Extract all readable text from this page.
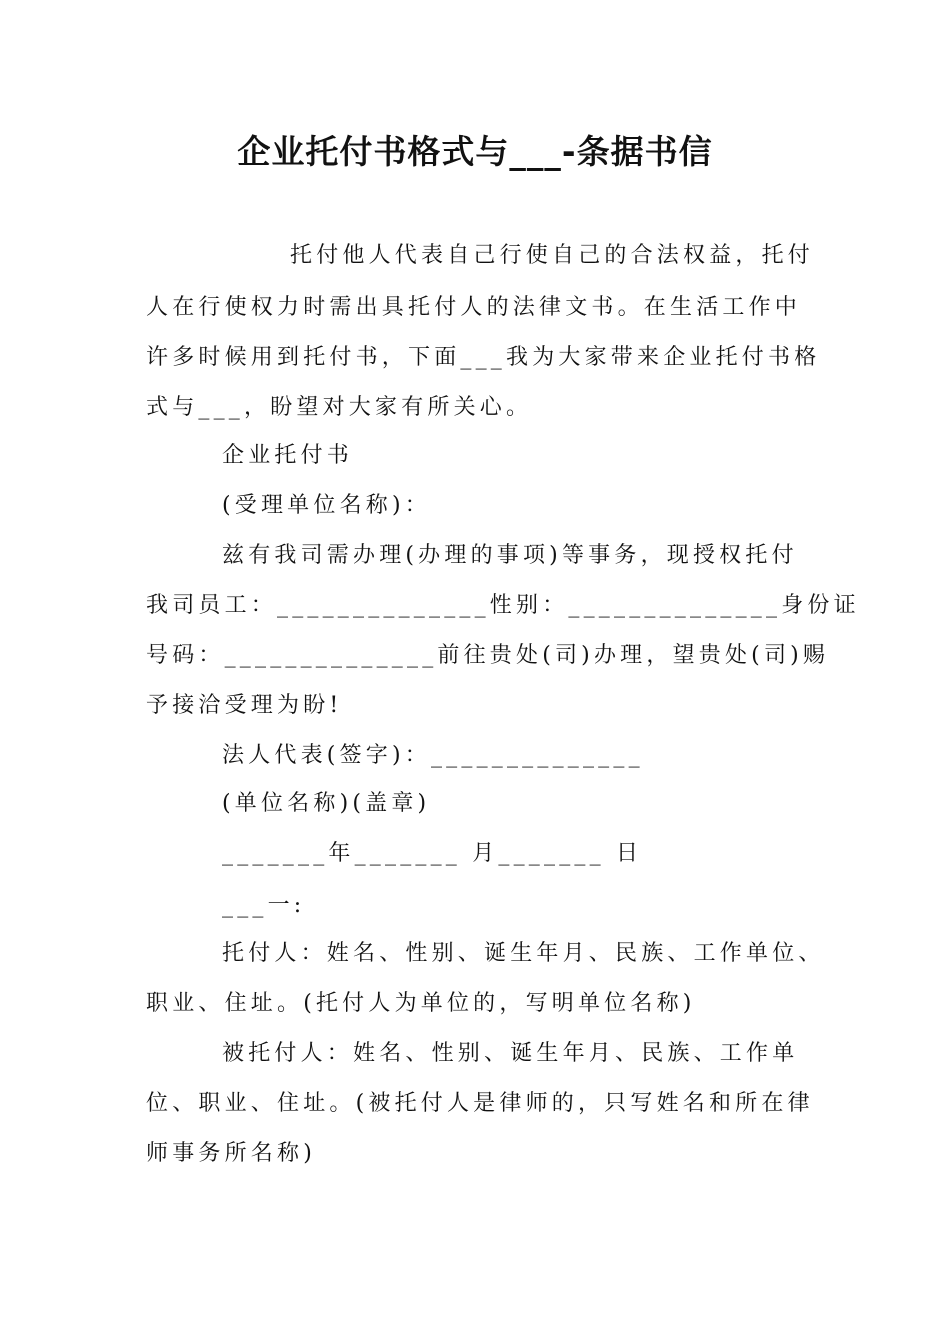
企业托付书格式与___-条据书信
托付他人代表自己行使自己的合法权益，托付
人在行使权力时需出具托付人的法律文书。在生活工作中
许多时候用到托付书，下面___我为大家带来企业托付书格
式与___，盼望对大家有所关心。
企业托付书
(受理单位名称)：
兹有我司需办理(办理的事项)等事务，现授权托付
我司员工：______________性别：______________身份证
号码：______________前往贵处(司)办理，望贵处(司)赐
予接洽受理为盼!
法人代表(签字)：______________
(单位名称)(盖章)
_______年_______ 月_______ 日
___一:
托付人：姓名、性别、诞生年月、民族、工作单位、
职业、住址。(托付人为单位的，写明单位名称)
被托付人：姓名、性别、诞生年月、民族、工作单
位、职业、住址。(被托付人是律师的，只写姓名和所在律
师事务所名称)
